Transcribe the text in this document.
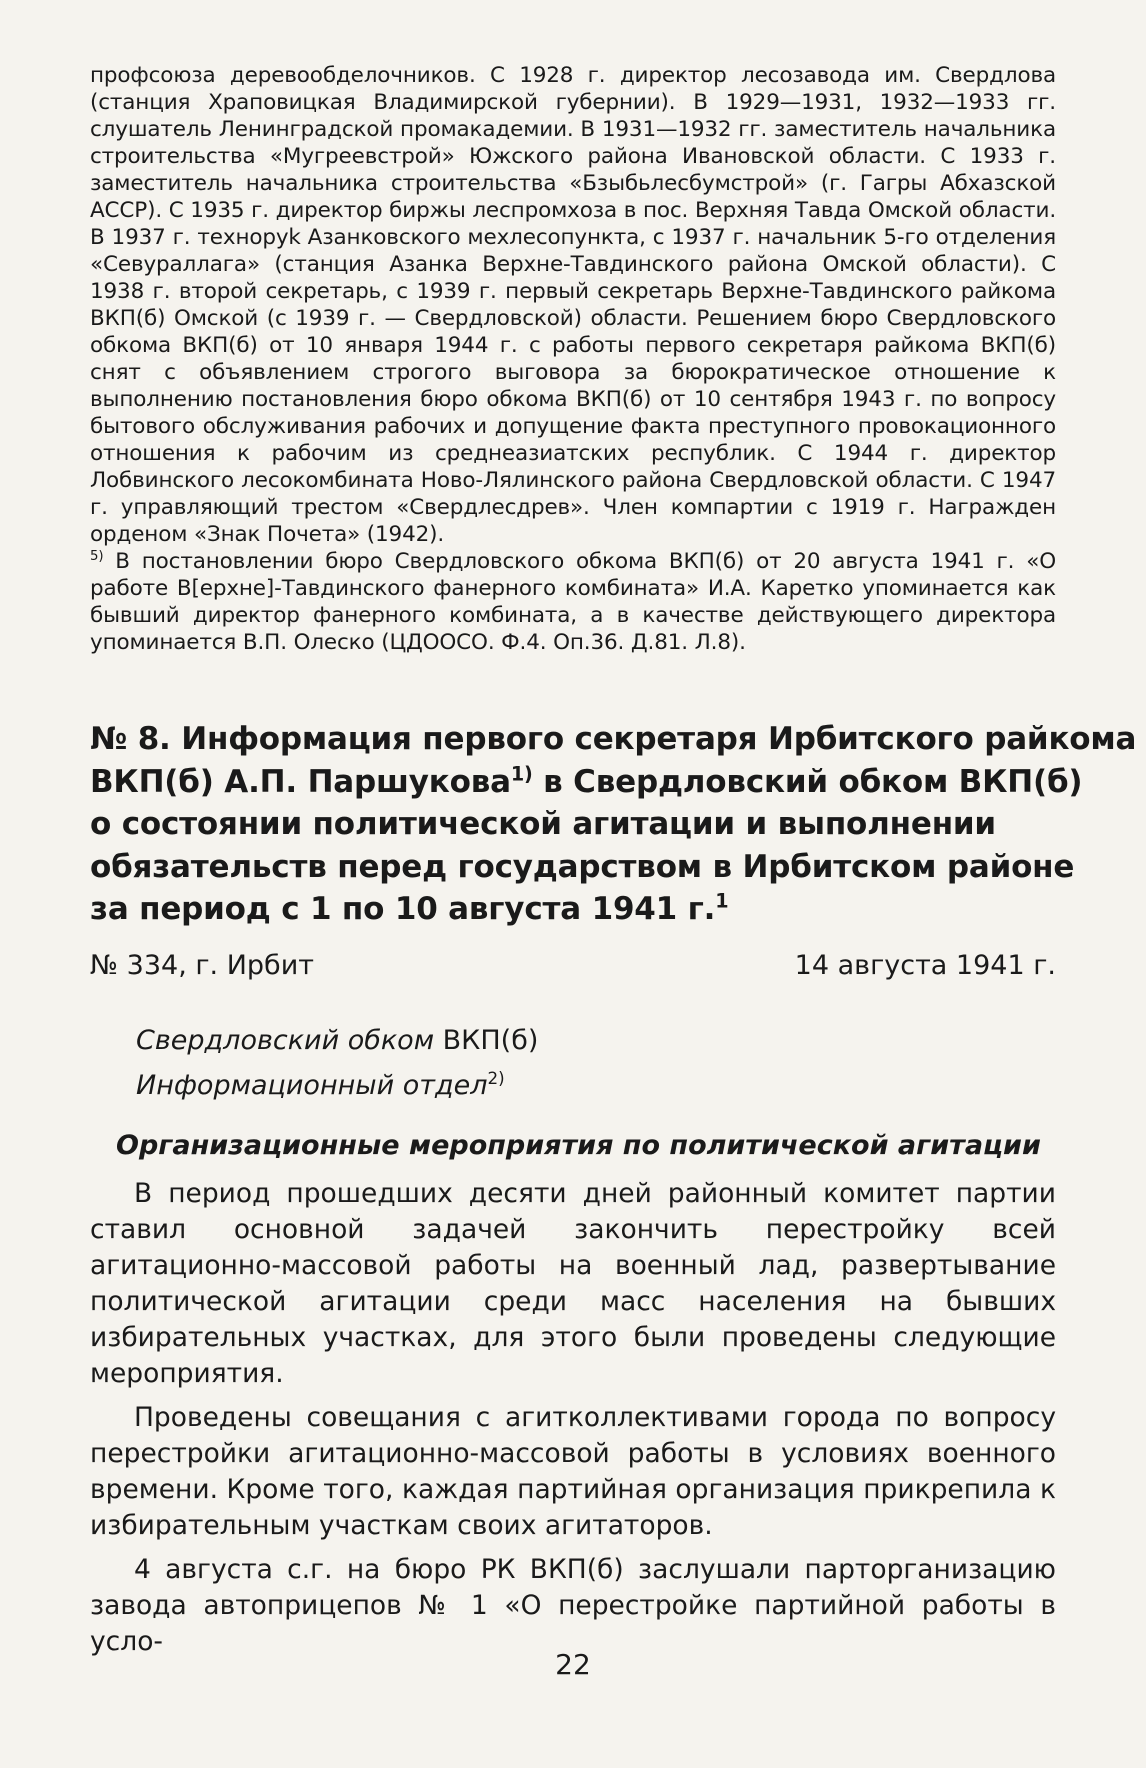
профсоюза деревообделочников. С 1928 г. директор лесозавода им. Свердлова (станция Храповицкая Владимирской губернии). В 1929—1931, 1932—1933 гг. слушатель Ленинградской промакадемии. В 1931—1932 гг. заместитель начальника строительства «Мугреевстрой» Южского района Ивановской области. С 1933 г. заместитель начальника строительства «Бзыбьлесбумстрой» (г. Гагры Абхазской АССР). С 1935 г. директор биржы леспромхоза в пос. Верхняя Тавда Омской области. В 1937 г. техноруk Азанковского мехлесопункта, с 1937 г. начальник 5-го отделения «Севураллага» (станция Азанка Верхне-Тавдинского района Омской области). С 1938 г. второй секретарь, с 1939 г. первый секретарь Верхне-Тавдинского райкома ВКП(б) Омской (с 1939 г. — Свердловской) области. Решением бюро Свердловского обкома ВКП(б) от 10 января 1944 г. с работы первого секретаря райкома ВКП(б) снят с объявлением строгого выговора за бюрократическое отношение к выполнению постановления бюро обкома ВКП(б) от 10 сентября 1943 г. по вопросу бытового обслуживания рабочих и допущение факта преступного провокационного отношения к рабочим из среднеазиатских республик. С 1944 г. директор Лобвинского лесокомбината Ново-Лялинского района Свердловской области. С 1947 г. управляющий трестом «Свердлесдрев». Член компартии с 1919 г. Награжден орденом «Знак Почета» (1942).

$^{5)}$ В постановлении бюро Свердловского обкома ВКП(б) от 20 августа 1941 г. «О работе В[ерхне]-Тавдинского фанерного комбината» И.А. Каретко упоминается как бывший директор фанерного комбината, а в качестве действующего директора упоминается В.П. Олеско (ЦДООСО. Ф.4. Оп.36. Д.81. Л.8).

№ 8. Информация первого секретаря Ирбитского райкома
ВКП(б) А.П. Паршукова$^{1)}$ в Свердловский обком ВКП(б)
о состоянии политической агитации и выполнении
обязательств перед государством в Ирбитском районе
за период с 1 по 10 августа 1941 г.$^1$
№ 334, г. Ирбит	14 августа 1941 г.
Свердловский обком ВКП(б)
Информационный отдел$^{2)}$
Организационные мероприятия по политической агитации

В период прошедших десяти дней районный комитет партии ставил основной задачей закончить перестройку всей агитационно-массовой работы на военный лад, развертывание политической агитации среди масс населения на бывших избирательных участках, для этого были проведены следующие мероприятия.

Проведены совещания с агитколлективами города по вопросу перестройки агитационно-массовой работы в условиях военного времени. Кроме того, каждая партийная организация прикрепила к избирательным участкам своих агитаторов.

4 августа с.г. на бюро РК ВКП(б) заслушали парторганизацию завода автоприцепов № 1 «О перестройке партийной работы в усло-

22
